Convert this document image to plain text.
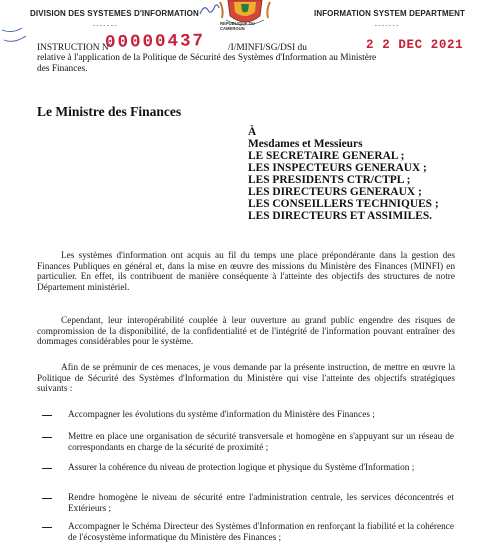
DIVISION DES SYSTEMES D'INFORMATION
-------
INFORMATION SYSTEM DEPARTMENT
-------
REPUBLIQUE DU CAMEROUN
INSTRUCTION N°
00000437 /I/MINFI/SG/DSI du	2 2 DEC 2021
relative à l'application de la Politique de Sécurité des Systèmes d'Information au Ministère
des Finances.
Le Ministre des Finances
À
Mesdames et Messieurs
LE SECRETAIRE GENERAL ;
LES INSPECTEURS GENERAUX ;
LES PRESIDENTS CTR/CTPL ;
LES DIRECTEURS GENERAUX ;
LES CONSEILLERS TECHNIQUES ;
LES DIRECTEURS ET ASSIMILES.
Les systèmes d'information ont acquis au fil du temps une place prépondérante dans la gestion des Finances Publiques en général et, dans la mise en œuvre des missions du Ministère des Finances (MINFI) en particulier. En effet, ils contribuent de manière conséquente à l'atteinte des objectifs des structures de notre Département ministériel.
Cependant, leur interopérabilité couplée à leur ouverture au grand public engendre des risques de compromission de la disponibilité, de la confidentialité et de l'intégrité de l'information pouvant entraîner des dommages considérables pour le système.
Afin de se prémunir de ces menaces, je vous demande par la présente instruction, de mettre en œuvre la Politique de Sécurité des Systèmes d'Information du Ministère qui vise l'atteinte des objectifs stratégiques suivants :
Accompagner les évolutions du système d'information du Ministère des Finances ;
Mettre en place une organisation de sécurité transversale et homogène en s'appuyant sur un réseau de correspondants en charge de la sécurité de proximité ;
Assurer la cohérence du niveau de protection logique et physique du Système d'Information ;
Rendre homogène le niveau de sécurité entre l'administration centrale, les services déconcentrés et Extérieurs ;
Accompagner le Schéma Directeur des Systèmes d'Information en renforçant la fiabilité et la cohérence de l'écosystème informatique du Ministère des Finances ;
